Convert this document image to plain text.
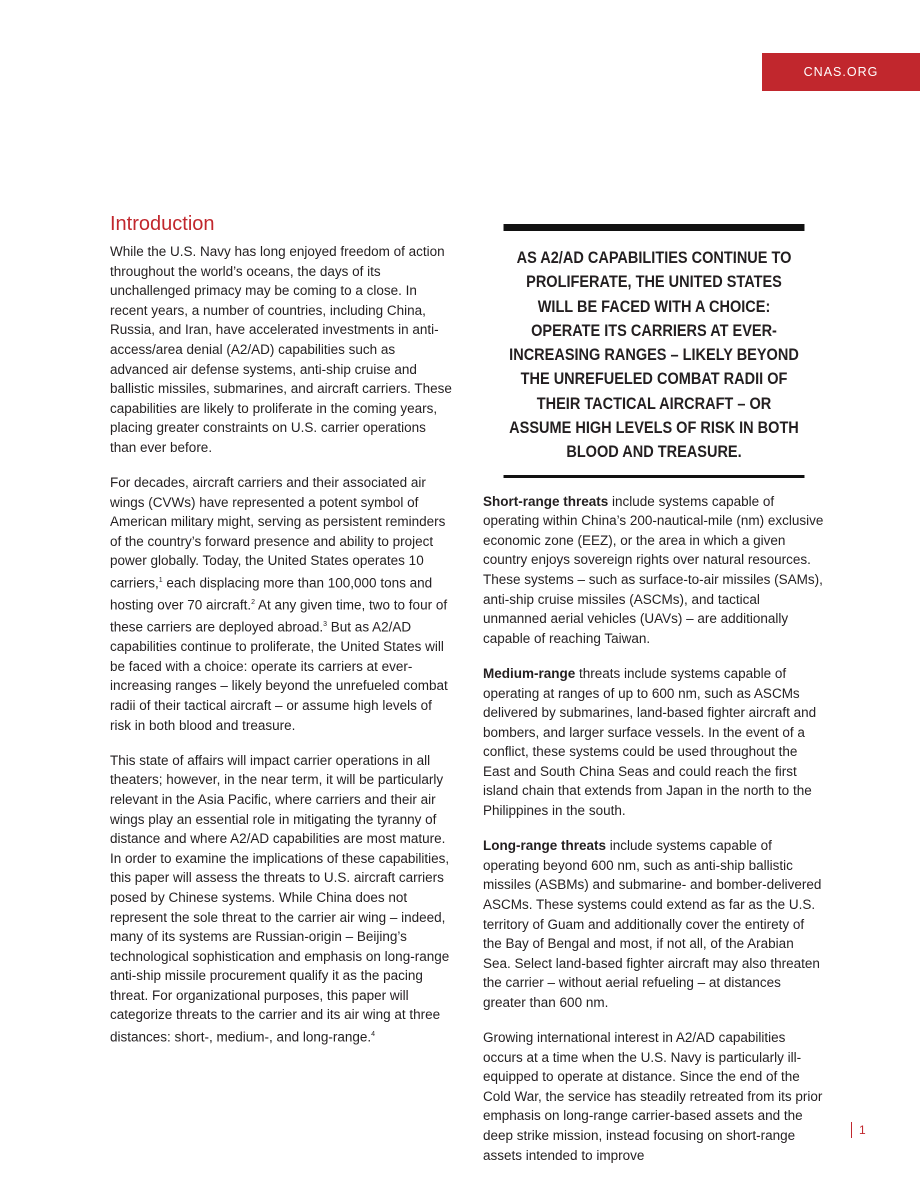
CNAS.ORG
Introduction

While the U.S. Navy has long enjoyed freedom of action throughout the world’s oceans, the days of its unchallenged primacy may be coming to a close. In recent years, a number of countries, including China, Russia, and Iran, have accelerated investments in anti-access/area denial (A2/AD) capabilities such as advanced air defense systems, anti-ship cruise and ballistic missiles, submarines, and aircraft carriers. These capabilities are likely to proliferate in the coming years, placing greater constraints on U.S. carrier operations than ever before.

For decades, aircraft carriers and their associated air wings (CVWs) have represented a potent symbol of American military might, serving as persistent reminders of the country’s forward presence and ability to project power globally. Today, the United States operates 10 carriers,$^1$ each displacing more than 100,000 tons and hosting over 70 aircraft.$^2$ At any given time, two to four of these carriers are deployed abroad.$^3$ But as A2/AD capabilities continue to proliferate, the United States will be faced with a choice: operate its carriers at ever-increasing ranges – likely beyond the unrefueled combat radii of their tactical aircraft – or assume high levels of risk in both blood and treasure.

This state of affairs will impact carrier operations in all theaters; however, in the near term, it will be particularly relevant in the Asia Pacific, where carriers and their air wings play an essential role in mitigating the tyranny of distance and where A2/AD capabilities are most mature. In order to examine the implications of these capabilities, this paper will assess the threats to U.S. aircraft carriers posed by Chinese systems. While China does not represent the sole threat to the carrier air wing – indeed, many of its systems are Russian-origin – Beijing’s technological sophistication and emphasis on long-range anti-ship missile procurement qualify it as the pacing threat. For organizational purposes, this paper will categorize threats to the carrier and its air wing at three distances: short-, medium-, and long-range.$^4$

AS A2/AD CAPABILITIES CONTINUE TO PROLIFERATE, THE UNITED STATES WILL BE FACED WITH A CHOICE: OPERATE ITS CARRIERS AT EVER-INCREASING RANGES – LIKELY BEYOND THE UNREFUELED COMBAT RADII OF THEIR TACTICAL AIRCRAFT – OR ASSUME HIGH LEVELS OF RISK IN BOTH BLOOD AND TREASURE.

Short-range threats include systems capable of operating within China’s 200-nautical-mile (nm) exclusive economic zone (EEZ), or the area in which a given country enjoys sovereign rights over natural resources. These systems – such as surface-to-air missiles (SAMs), anti-ship cruise missiles (ASCMs), and tactical unmanned aerial vehicles (UAVs) – are additionally capable of reaching Taiwan.

Medium-range threats include systems capable of operating at ranges of up to 600 nm, such as ASCMs delivered by submarines, land-based fighter aircraft and bombers, and larger surface vessels. In the event of a conflict, these systems could be used throughout the East and South China Seas and could reach the first island chain that extends from Japan in the north to the Philippines in the south.

Long-range threats include systems capable of operating beyond 600 nm, such as anti-ship ballistic missiles (ASBMs) and submarine- and bomber-delivered ASCMs. These systems could extend as far as the U.S. territory of Guam and additionally cover the entirety of the Bay of Bengal and most, if not all, of the Arabian Sea. Select land-based fighter aircraft may also threaten the carrier – without aerial refueling – at distances greater than 600 nm.

Growing international interest in A2/AD capabilities occurs at a time when the U.S. Navy is particularly ill-equipped to operate at distance. Since the end of the Cold War, the service has steadily retreated from its prior emphasis on long-range carrier-based assets and the deep strike mission, instead focusing on short-range assets intended to improve

1
